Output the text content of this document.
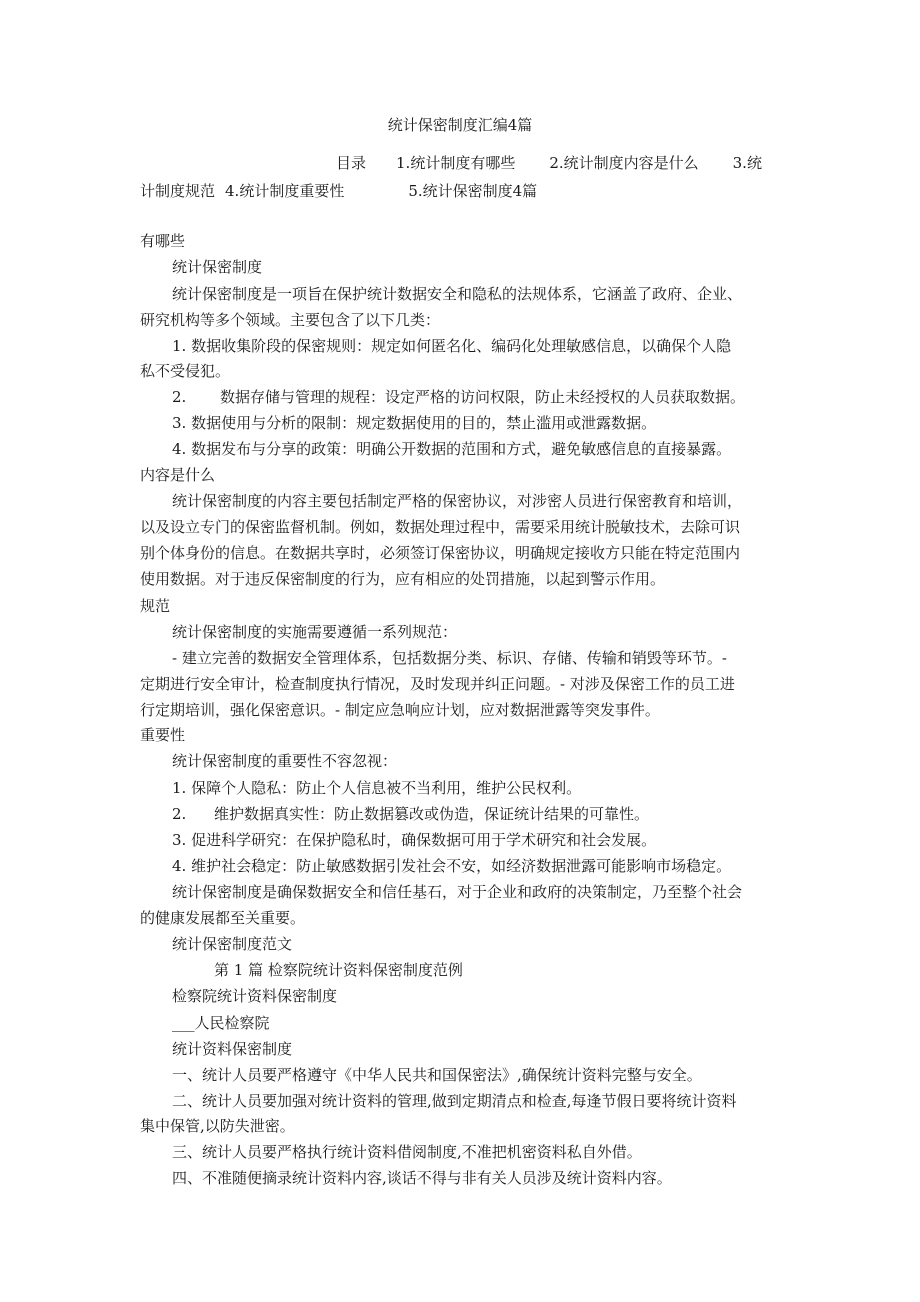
统计保密制度汇编4篇
目录 1.统计制度有哪些 2.统计制度内容是什么 3.统
计制度规范 4.统计制度重要性	5.统计保密制度4篇
有哪些
统计保密制度
统计保密制度是一项旨在保护统计数据安全和隐私的法规体系，它涵盖了政府、企业、
研究机构等多个领域。主要包含了以下几类：
1. 数据收集阶段的保密规则：规定如何匿名化、编码化处理敏感信息，以确保个人隐
私不受侵犯。
2. 数据存储与管理的规程：设定严格的访问权限，防止未经授权的人员获取数据。
3. 数据使用与分析的限制：规定数据使用的目的，禁止滥用或泄露数据。
4. 数据发布与分享的政策：明确公开数据的范围和方式，避免敏感信息的直接暴露。
内容是什么
统计保密制度的内容主要包括制定严格的保密协议，对涉密人员进行保密教育和培训，
以及设立专门的保密监督机制。例如，数据处理过程中，需要采用统计脱敏技术，去除可识
别个体身份的信息。在数据共享时，必须签订保密协议，明确规定接收方只能在特定范围内
使用数据。对于违反保密制度的行为，应有相应的处罚措施，以起到警示作用。
规范
统计保密制度的实施需要遵循一系列规范：
- 建立完善的数据安全管理体系，包括数据分类、标识、存储、传输和销毁等环节。-
定期进行安全审计，检查制度执行情况，及时发现并纠正问题。- 对涉及保密工作的员工进
行定期培训，强化保密意识。- 制定应急响应计划，应对数据泄露等突发事件。
重要性
统计保密制度的重要性不容忽视：
1. 保障个人隐私：防止个人信息被不当利用，维护公民权利。
2. 维护数据真实性：防止数据篡改或伪造，保证统计结果的可靠性。
3. 促进科学研究：在保护隐私时，确保数据可用于学术研究和社会发展。
4. 维护社会稳定：防止敏感数据引发社会不安，如经济数据泄露可能影响市场稳定。
统计保密制度是确保数据安全和信任基石，对于企业和政府的决策制定，乃至整个社会
的健康发展都至关重要。
统计保密制度范文
第 1 篇 检察院统计资料保密制度范例
检察院统计资料保密制度
___人民检察院
统计资料保密制度
一、统计人员要严格遵守《中华人民共和国保密法》,确保统计资料完整与安全。
二、统计人员要加强对统计资料的管理,做到定期清点和检查,每逢节假日要将统计资料
集中保管,以防失泄密。
三、统计人员要严格执行统计资料借阅制度,不准把机密资料私自外借。
四、不准随便摘录统计资料内容,谈话不得与非有关人员涉及统计资料内容。
